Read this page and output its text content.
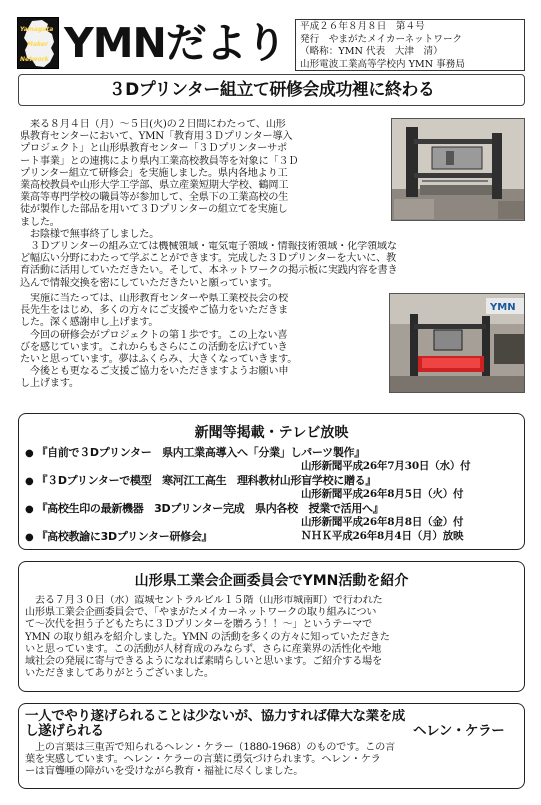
Yamagata
Maker
Network YMNだより	平成２６年８月８日　第４号
発行　やまがたメイカーネットワーク
（略称：YMN 代表　大津　清）
山形電波工業高等学校内 YMN 事務局
３Dプリンター組立て研修会成功裡に終わる
YMN
　来る８月４日（月）～５日(火)の２日間にわたって、山形
県教育センターにおいて、YMN「教育用３Ｄプリンター導入
プロジェクト」と山形県教育センター「３Ｄプリンターサポ
ート事業」との連携により県内工業高校教員等を対象に「３Ｄ
プリンター組立て研修会」を実施しました。県内各地より工
業高校教員や山形大学工学部、県立産業短期大学校、鶴岡工
業高等専門学校の職員等が参加して、全県下の工業高校の生
徒が製作した部品を用いて３Ｄプリンターの組立てを実施し
ました。
　お陰様で無事終了しました。
　３Ｄプリンターの組み立ては機械領域・電気電子領域・情報技術領域・化学領域な
ど幅広い分野にわたって学ぶことができます。完成した３Ｄプリンターを大いに、教
育活動に活用していただきたい。そして、本ネットワークの掲示板に実践内容を書き
込んで情報交換を密にしていただきたいと願っています。
　実施に当たっては、山形教育センターや県工業校長会の校
長先生をはじめ、多くの方々にご支援やご協力をいただきま
した。深く感謝申し上げます。
　今回の研修会がプロジェクトの第１歩です。この上ない喜
びを感じています。これからもさらにこの活動を広げていき
たいと思っています。夢はふくらみ、大きくなっていきます。
　今後とも更なるご支援ご協力をいただきますようお願い申
し上げます。
新聞等掲載・テレビ放映
● 『自前で３Dプリンター　県内工業高導入へ「分業」しパーツ製作』
山形新聞平成26年7月30日（水）付
● 『３Dプリンターで模型　寒河江工高生　理科教材山形盲学校に贈る』
山形新聞平成26年8月5日（火）付
● 『高校生印の最新機器　3Dプリンター完成　県内各校　授業で活用へ』
山形新聞平成26年8月8日（金）付
● 『高校教諭に3Dプリンター研修会』	ＮＨＫ平成26年8月4日（月）放映
山形県工業会企画委員会でYMN活動を紹介
　去る７月３０日（水）霞城セントラルビル１５階（山形市城南町）で行われた
山形県工業会企画委員会で、「やまがたメイカーネットワークの取り組みについ
て～次代を担う子どもたちに３Ｄプリンターを贈ろう！！～」というテーマで
YMN の取り組みを紹介しました。YMN の活動を多くの方々に知っていただきた
いと思っています。この活動が人材育成のみならず、さらに産業界の活性化や地
域社会の発展に寄与できるようになれば素晴らしいと思います。ご紹介する場を
いただきましてありがとうございました。
一人でやり遂げられることは少ないが、協力すれば偉大な業を成
し遂げられる	ヘレン・ケラー
　上の言葉は三重苦で知られるヘレン・ケラー（1880-1968）のものです。この言
葉を実感しています。ヘレン・ケラーの言葉に勇気づけられます。ヘレン・ケラ
ーは盲聾唖の障がいを受けながら教育・福祉に尽くしました。
